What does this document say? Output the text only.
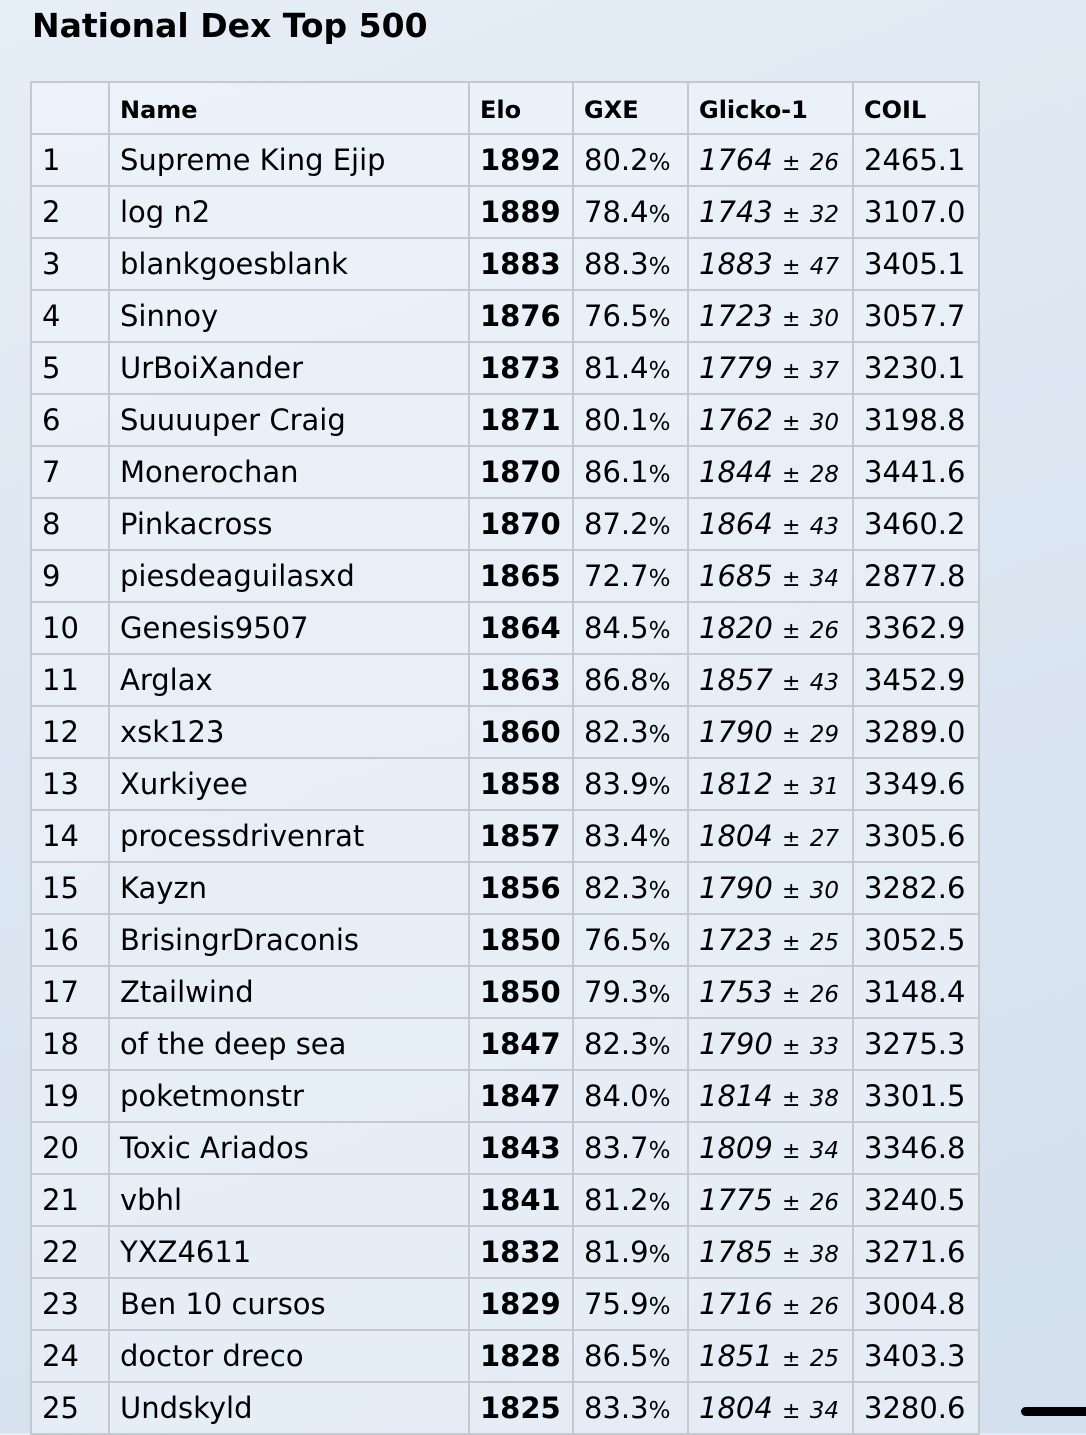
National Dex Top 500
	Name	Elo	GXE	Glicko-1	COIL
1	Supreme King Ejip	1892	80.2%	1764 ± 26	2465.1
2	log n2	1889	78.4%	1743 ± 32	3107.0
3	blankgoesblank	1883	88.3%	1883 ± 47	3405.1
4	Sinnoy	1876	76.5%	1723 ± 30	3057.7
5	UrBoiXander	1873	81.4%	1779 ± 37	3230.1
6	Suuuuper Craig	1871	80.1%	1762 ± 30	3198.8
7	Monerochan	1870	86.1%	1844 ± 28	3441.6
8	Pinkacross	1870	87.2%	1864 ± 43	3460.2
9	piesdeaguilasxd	1865	72.7%	1685 ± 34	2877.8
10	Genesis9507	1864	84.5%	1820 ± 26	3362.9
11	Arglax	1863	86.8%	1857 ± 43	3452.9
12	xsk123	1860	82.3%	1790 ± 29	3289.0
13	Xurkiyee	1858	83.9%	1812 ± 31	3349.6
14	processdrivenrat	1857	83.4%	1804 ± 27	3305.6
15	Kayzn	1856	82.3%	1790 ± 30	3282.6
16	BrisingrDraconis	1850	76.5%	1723 ± 25	3052.5
17	Ztailwind	1850	79.3%	1753 ± 26	3148.4
18	of the deep sea	1847	82.3%	1790 ± 33	3275.3
19	poketmonstr	1847	84.0%	1814 ± 38	3301.5
20	Toxic Ariados	1843	83.7%	1809 ± 34	3346.8
21	vbhl	1841	81.2%	1775 ± 26	3240.5
22	YXZ4611	1832	81.9%	1785 ± 38	3271.6
23	Ben 10 cursos	1829	75.9%	1716 ± 26	3004.8
24	doctor dreco	1828	86.5%	1851 ± 25	3403.3
25	Undskyld	1825	83.3%	1804 ± 34	3280.6
